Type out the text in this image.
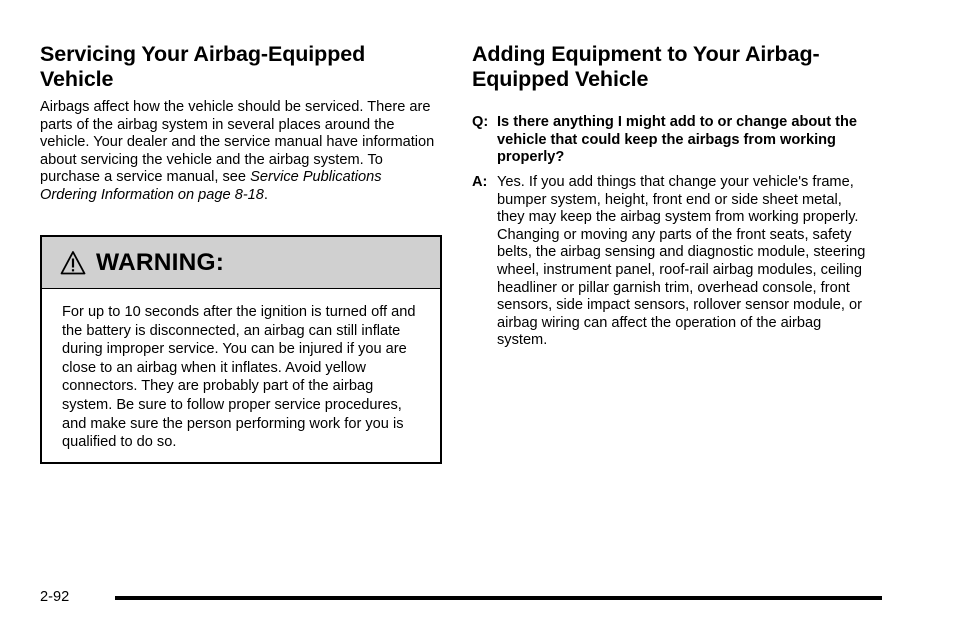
Servicing Your Airbag-Equipped Vehicle

Airbags affect how the vehicle should be serviced. There are parts of the airbag system in several places around the vehicle. Your dealer and the service manual have information about servicing the vehicle and the airbag system. To purchase a service manual, see Service Publications Ordering Information on page 8-18.

WARNING:
For up to 10 seconds after the ignition is turned off and the battery is disconnected, an airbag can still inflate during improper service. You can be injured if you are close to an airbag when it inflates. Avoid yellow connectors. They are probably part of the airbag system. Be sure to follow proper service procedures, and make sure the person performing work for you is qualified to do so.
Adding Equipment to Your Airbag-Equipped Vehicle
Q: Is there anything I might add to or change about the vehicle that could keep the airbags from working properly?
A: Yes. If you add things that change your vehicle's frame, bumper system, height, front end or side sheet metal, they may keep the airbag system from working properly. Changing or moving any parts of the front seats, safety belts, the airbag sensing and diagnostic module, steering wheel, instrument panel, roof-rail airbag modules, ceiling headliner or pillar garnish trim, overhead console, front sensors, side impact sensors, rollover sensor module, or airbag wiring can affect the operation of the airbag system.
2-92
